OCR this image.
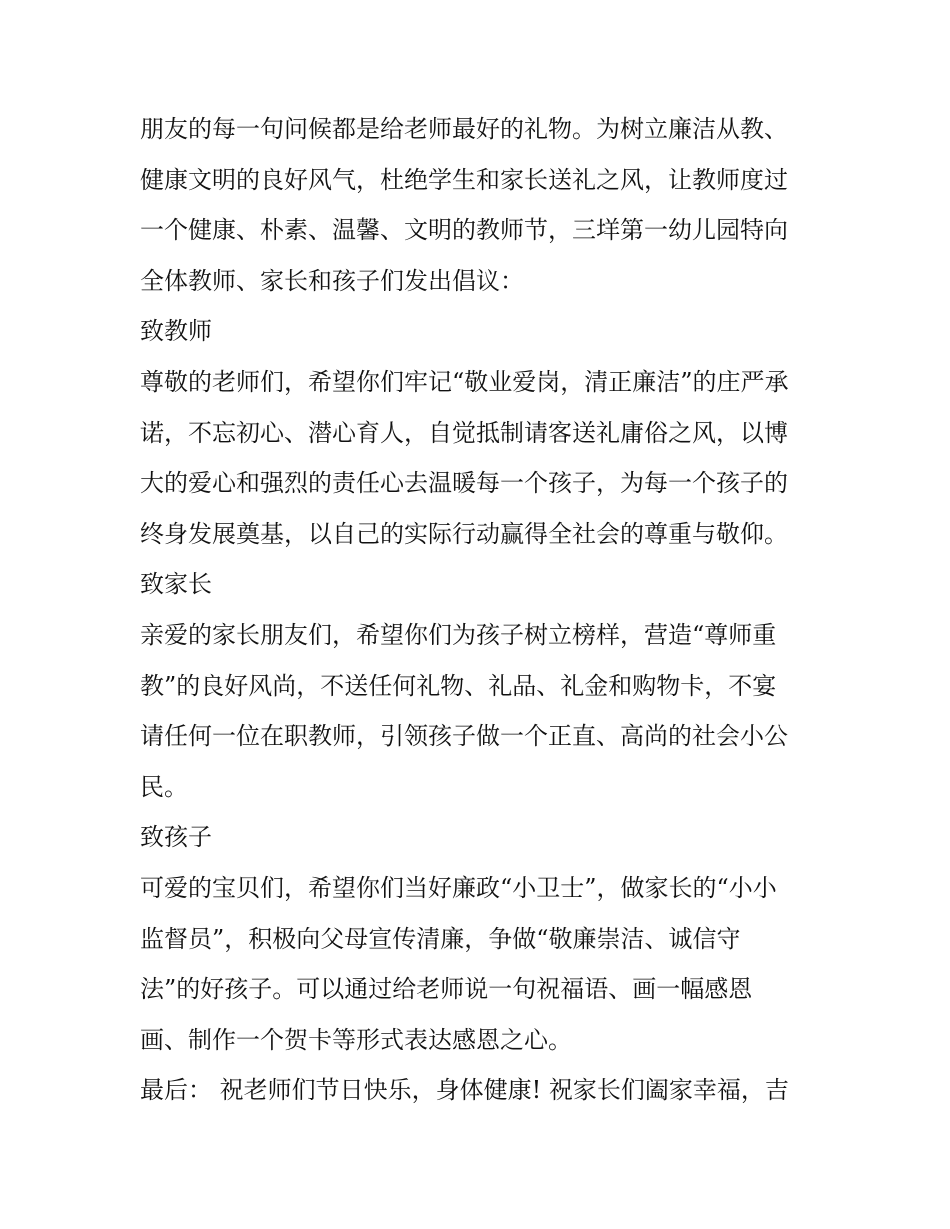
朋友的每一句问候都是给老师最好的礼物。为树立廉洁从教、
健康文明的良好风气，杜绝学生和家长送礼之风，让教师度过
一个健康、朴素、温馨、文明的教师节，三垟第一幼儿园特向
全体教师、家长和孩子们发出倡议：
致教师
尊敬的老师们，希望你们牢记“敬业爱岗，清正廉洁”的庄严承
诺，不忘初心、潜心育人，自觉抵制请客送礼庸俗之风，以博
大的爱心和强烈的责任心去温暖每一个孩子，为每一个孩子的
终身发展奠基，以自己的实际行动赢得全社会的尊重与敬仰。
致家长
亲爱的家长朋友们，希望你们为孩子树立榜样，营造“尊师重
教”的良好风尚，不送任何礼物、礼品、礼金和购物卡，不宴
请任何一位在职教师，引领孩子做一个正直、高尚的社会小公
民。
致孩子
可爱的宝贝们，希望你们当好廉政“小卫士”，做家长的“小小
监督员”，积极向父母宣传清廉，争做“敬廉崇洁、诚信守
法”的好孩子。可以通过给老师说一句祝福语、画一幅感恩
画、制作一个贺卡等形式表达感恩之心。
最后： 祝老师们节日快乐，身体健康! 祝家长们阖家幸福，吉
